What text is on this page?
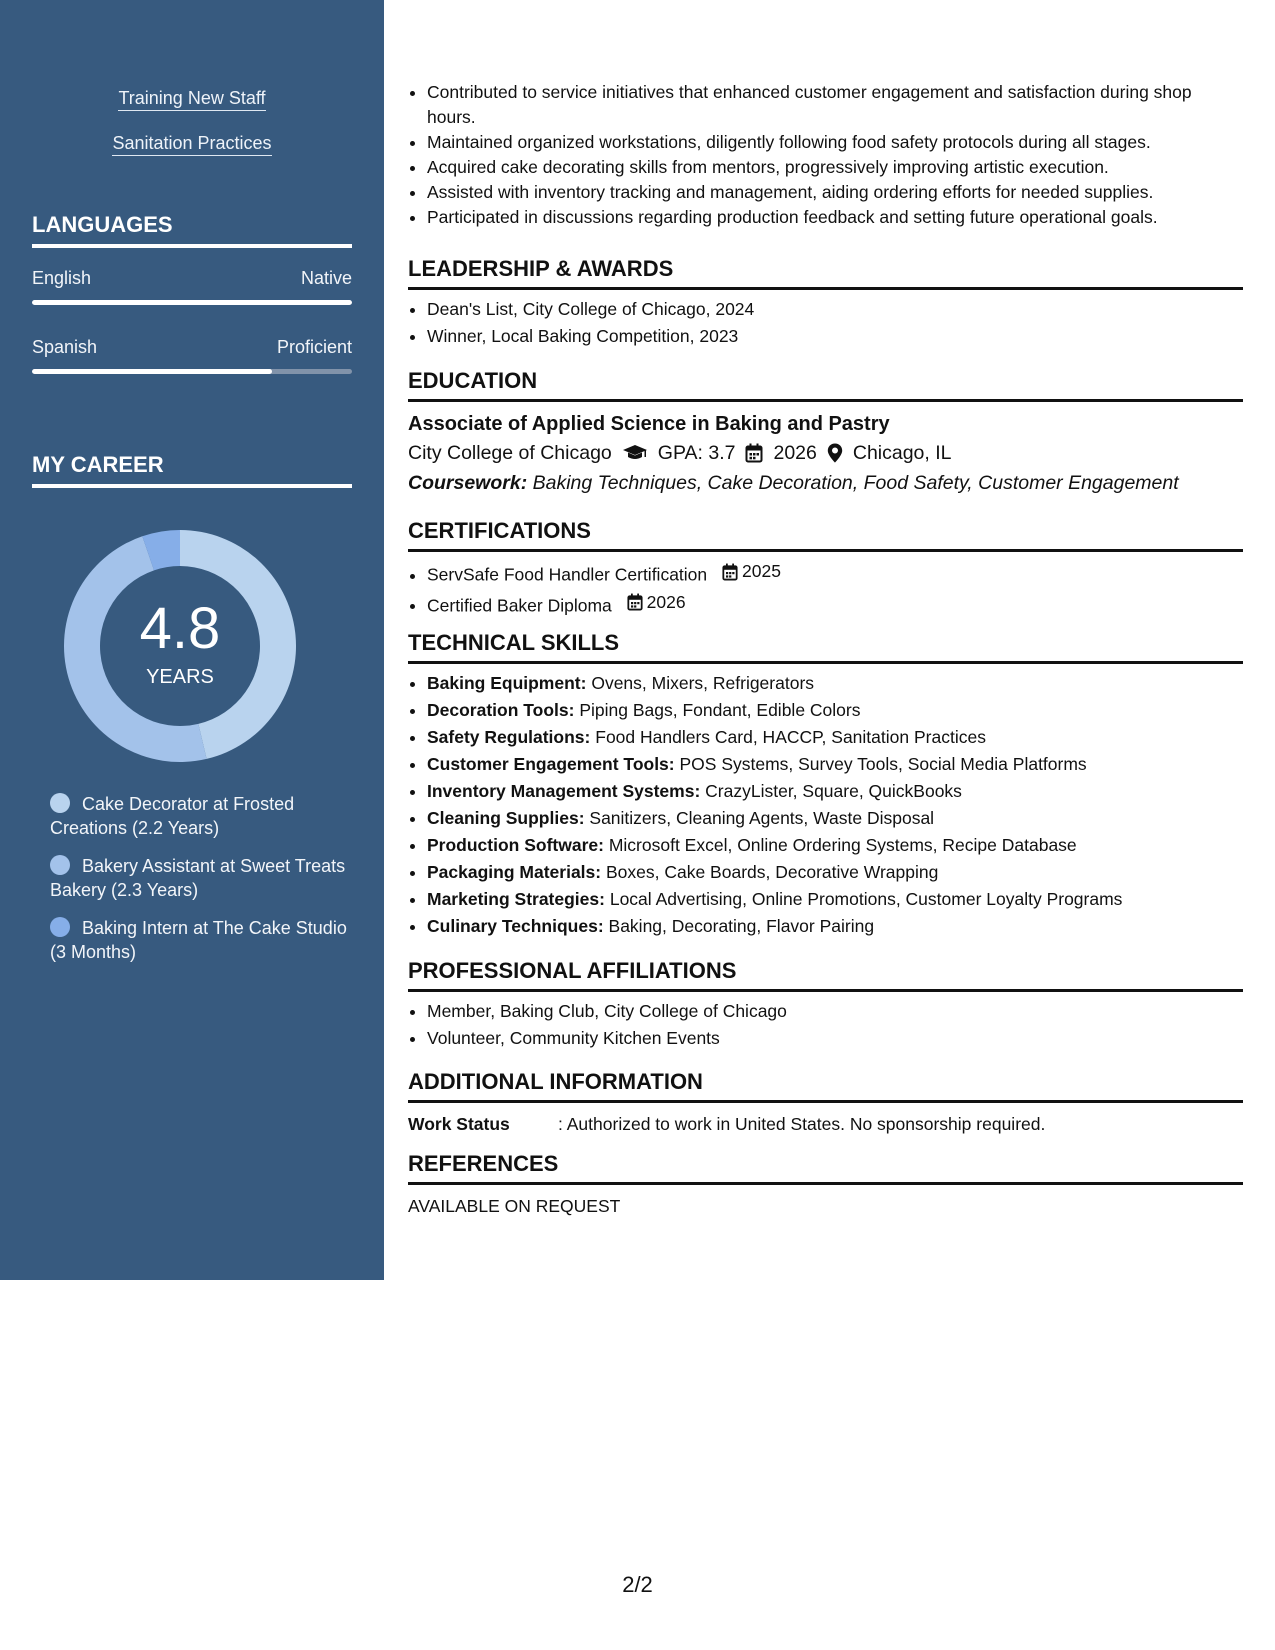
Training New Staff
Sanitation Practices
LANGUAGES
English	Native
Spanish	Proficient
MY CAREER
4.8
YEARS
Cake Decorator at Frosted Creations (2.2 Years)
Bakery Assistant at Sweet Treats Bakery (2.3 Years)
Baking Intern at The Cake Studio (3 Months)
• Contributed to service initiatives that enhanced customer engagement and satisfaction during shop hours.
• Maintained organized workstations, diligently following food safety protocols during all stages.
• Acquired cake decorating skills from mentors, progressively improving artistic execution.
• Assisted with inventory tracking and management, aiding ordering efforts for needed supplies.
• Participated in discussions regarding production feedback and setting future operational goals.
LEADERSHIP & AWARDS
• Dean's List, City College of Chicago, 2024
• Winner, Local Baking Competition, 2023
EDUCATION
Associate of Applied Science in Baking and Pastry
City College of Chicago GPA: 3.7 2026 Chicago, IL
Coursework: Baking Techniques, Cake Decoration, Food Safety, Customer Engagement
CERTIFICATIONS
• ServSafe Food Handler Certification 2025
• Certified Baker Diploma 2026
TECHNICAL SKILLS
• Baking Equipment: Ovens, Mixers, Refrigerators
• Decoration Tools: Piping Bags, Fondant, Edible Colors
• Safety Regulations: Food Handlers Card, HACCP, Sanitation Practices
• Customer Engagement Tools: POS Systems, Survey Tools, Social Media Platforms
• Inventory Management Systems: CrazyLister, Square, QuickBooks
• Cleaning Supplies: Sanitizers, Cleaning Agents, Waste Disposal
• Production Software: Microsoft Excel, Online Ordering Systems, Recipe Database
• Packaging Materials: Boxes, Cake Boards, Decorative Wrapping
• Marketing Strategies: Local Advertising, Online Promotions, Customer Loyalty Programs
• Culinary Techniques: Baking, Decorating, Flavor Pairing
PROFESSIONAL AFFILIATIONS
• Member, Baking Club, City College of Chicago
• Volunteer, Community Kitchen Events
ADDITIONAL INFORMATION
Work Status	: Authorized to work in United States. No sponsorship required.
REFERENCES
AVAILABLE ON REQUEST
2/2
